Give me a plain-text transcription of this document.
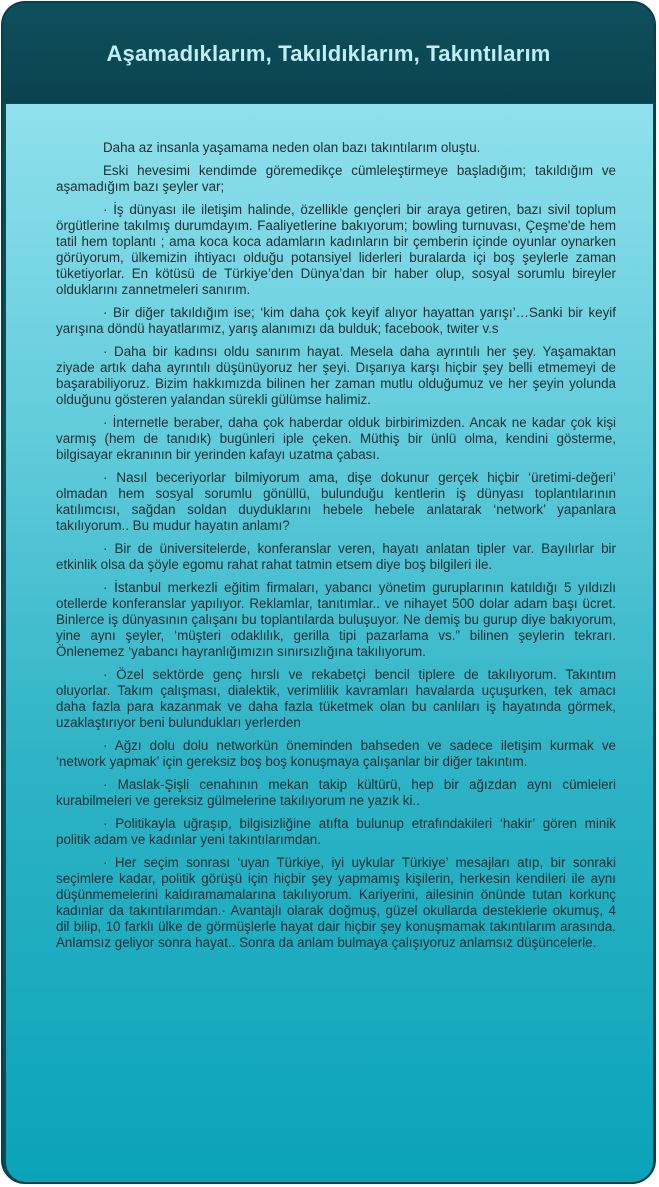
Aşamadıklarım, Takıldıklarım, Takıntılarım

Daha az insanla yaşamama neden olan bazı takıntılarım oluştu.

Eski hevesimi kendimde göremedikçe cümleleştirmeye başladığım; takıldığım ve aşamadığım bazı şeyler var;

· İş dünyası ile iletişim halinde, özellikle gençleri bir araya getiren, bazı sivil toplum örgütlerine takılmış durumdayım. Faaliyetlerine bakıyorum; bowling turnuvası, Çeşme'de hem tatil hem toplantı ; ama koca koca adamların kadınların bir çemberin içinde oyunlar oynarken görüyorum, ülkemizin ihtiyacı olduğu potansiyel liderleri buralarda içi boş şeylerle zaman tüketiyorlar. En kötüsü de Türkiye’den Dünya’dan bir haber olup, sosyal sorumlu bireyler olduklarını zannetmeleri sanırım.

· Bir diğer takıldığım ise; ‘kim daha çok keyif alıyor hayattan yarışı’…Sanki bir keyif yarışına döndü hayatlarımız, yarış alanımızı da bulduk; facebook, twiter v.s

· Daha bir kadınsı oldu sanırım hayat. Mesela daha ayrıntılı her şey. Yaşamaktan ziyade artık daha ayrıntılı düşünüyoruz her şeyi. Dışarıya karşı hiçbir şey belli etmemeyi de başarabiliyoruz. Bizim hakkımızda bilinen her zaman mutlu olduğumuz ve her şeyin yolunda olduğunu gösteren yalandan sürekli gülümse halimiz.

· İnternetle beraber, daha çok haberdar olduk birbirimizden. Ancak ne kadar çok kişi varmış (hem de tanıdık) bugünleri iple çeken. Müthiş bir ünlü olma, kendini gösterme, bilgisayar ekranının bir yerinden kafayı uzatma çabası.

· Nasıl beceriyorlar bilmiyorum ama, dişe dokunur gerçek hiçbir ‘üretimi-değeri’ olmadan hem sosyal sorumlu gönüllü, bulunduğu kentlerin iş dünyası toplantılarının katılımcısı, sağdan soldan duyduklarını hebele hebele anlatarak ‘network’ yapanlara takılıyorum.. Bu mudur hayatın anlamı?

· Bir de üniversitelerde, konferanslar veren, hayatı anlatan tipler var. Bayılırlar bir etkinlik olsa da şöyle egomu rahat rahat tatmin etsem diye boş bilgileri ile.

· İstanbul merkezli eğitim firmaları, yabancı yönetim guruplarının katıldığı 5 yıldızlı otellerde konferanslar yapılıyor. Reklamlar, tanıtımlar.. ve nihayet 500 dolar adam başı ücret. Binlerce iş dünyasının çalışanı bu toplantılarda buluşuyor. Ne demiş bu gurup diye bakıyorum, yine aynı şeyler, ‘müşteri odaklılık, gerilla tipi pazarlama vs.” bilinen şeylerin tekrarı. Önlenemez ‘yabancı hayranlığımızın sınırsızlığına takılıyorum.

· Özel sektörde genç hırslı ve rekabetçi bencil tiplere de takılıyorum. Takıntım oluyorlar. Takım çalışması, dialektik, verimlilik kavramları havalarda uçuşurken, tek amacı daha fazla para kazanmak ve daha fazla tüketmek olan bu canlıları iş hayatında görmek, uzaklaştırıyor beni bulundukları yerlerden

· Ağzı dolu dolu networkün öneminden bahseden ve sadece iletişim kurmak ve ‘network yapmak’ için gereksiz boş boş konuşmaya çalışanlar bir diğer takıntım.

· Maslak-Şişli cenahının mekan takip kültürü, hep bir ağızdan aynı cümleleri kurabilmeleri ve gereksiz gülmelerine takılıyorum ne yazık ki..

· Politikayla uğraşıp, bilgisizliğine atıfta bulunup etrafındakileri ‘hakir’ gören minik politik adam ve kadınlar yeni takıntılarımdan.

· Her seçim sonrası ‘uyan Türkiye, iyi uykular Türkiye’ mesajları atıp, bir sonraki seçimlere kadar, politik görüşü için hiçbir şey yapmamış kişilerin, herkesin kendileri ile aynı düşünmemelerini kaldıramamalarına takılıyorum. Kariyerini, ailesinin önünde tutan korkunç kadınlar da takıntılarımdan.· Avantajlı olarak doğmuş, güzel okullarda desteklerle okumuş, 4 dil bilip, 10 farklı ülke de görmüşlerle hayat dair hiçbir şey konuşmamak takıntılarım arasında. Anlamsız geliyor sonra hayat.. Sonra da anlam bulmaya çalışıyoruz anlamsız düşüncelerle.
